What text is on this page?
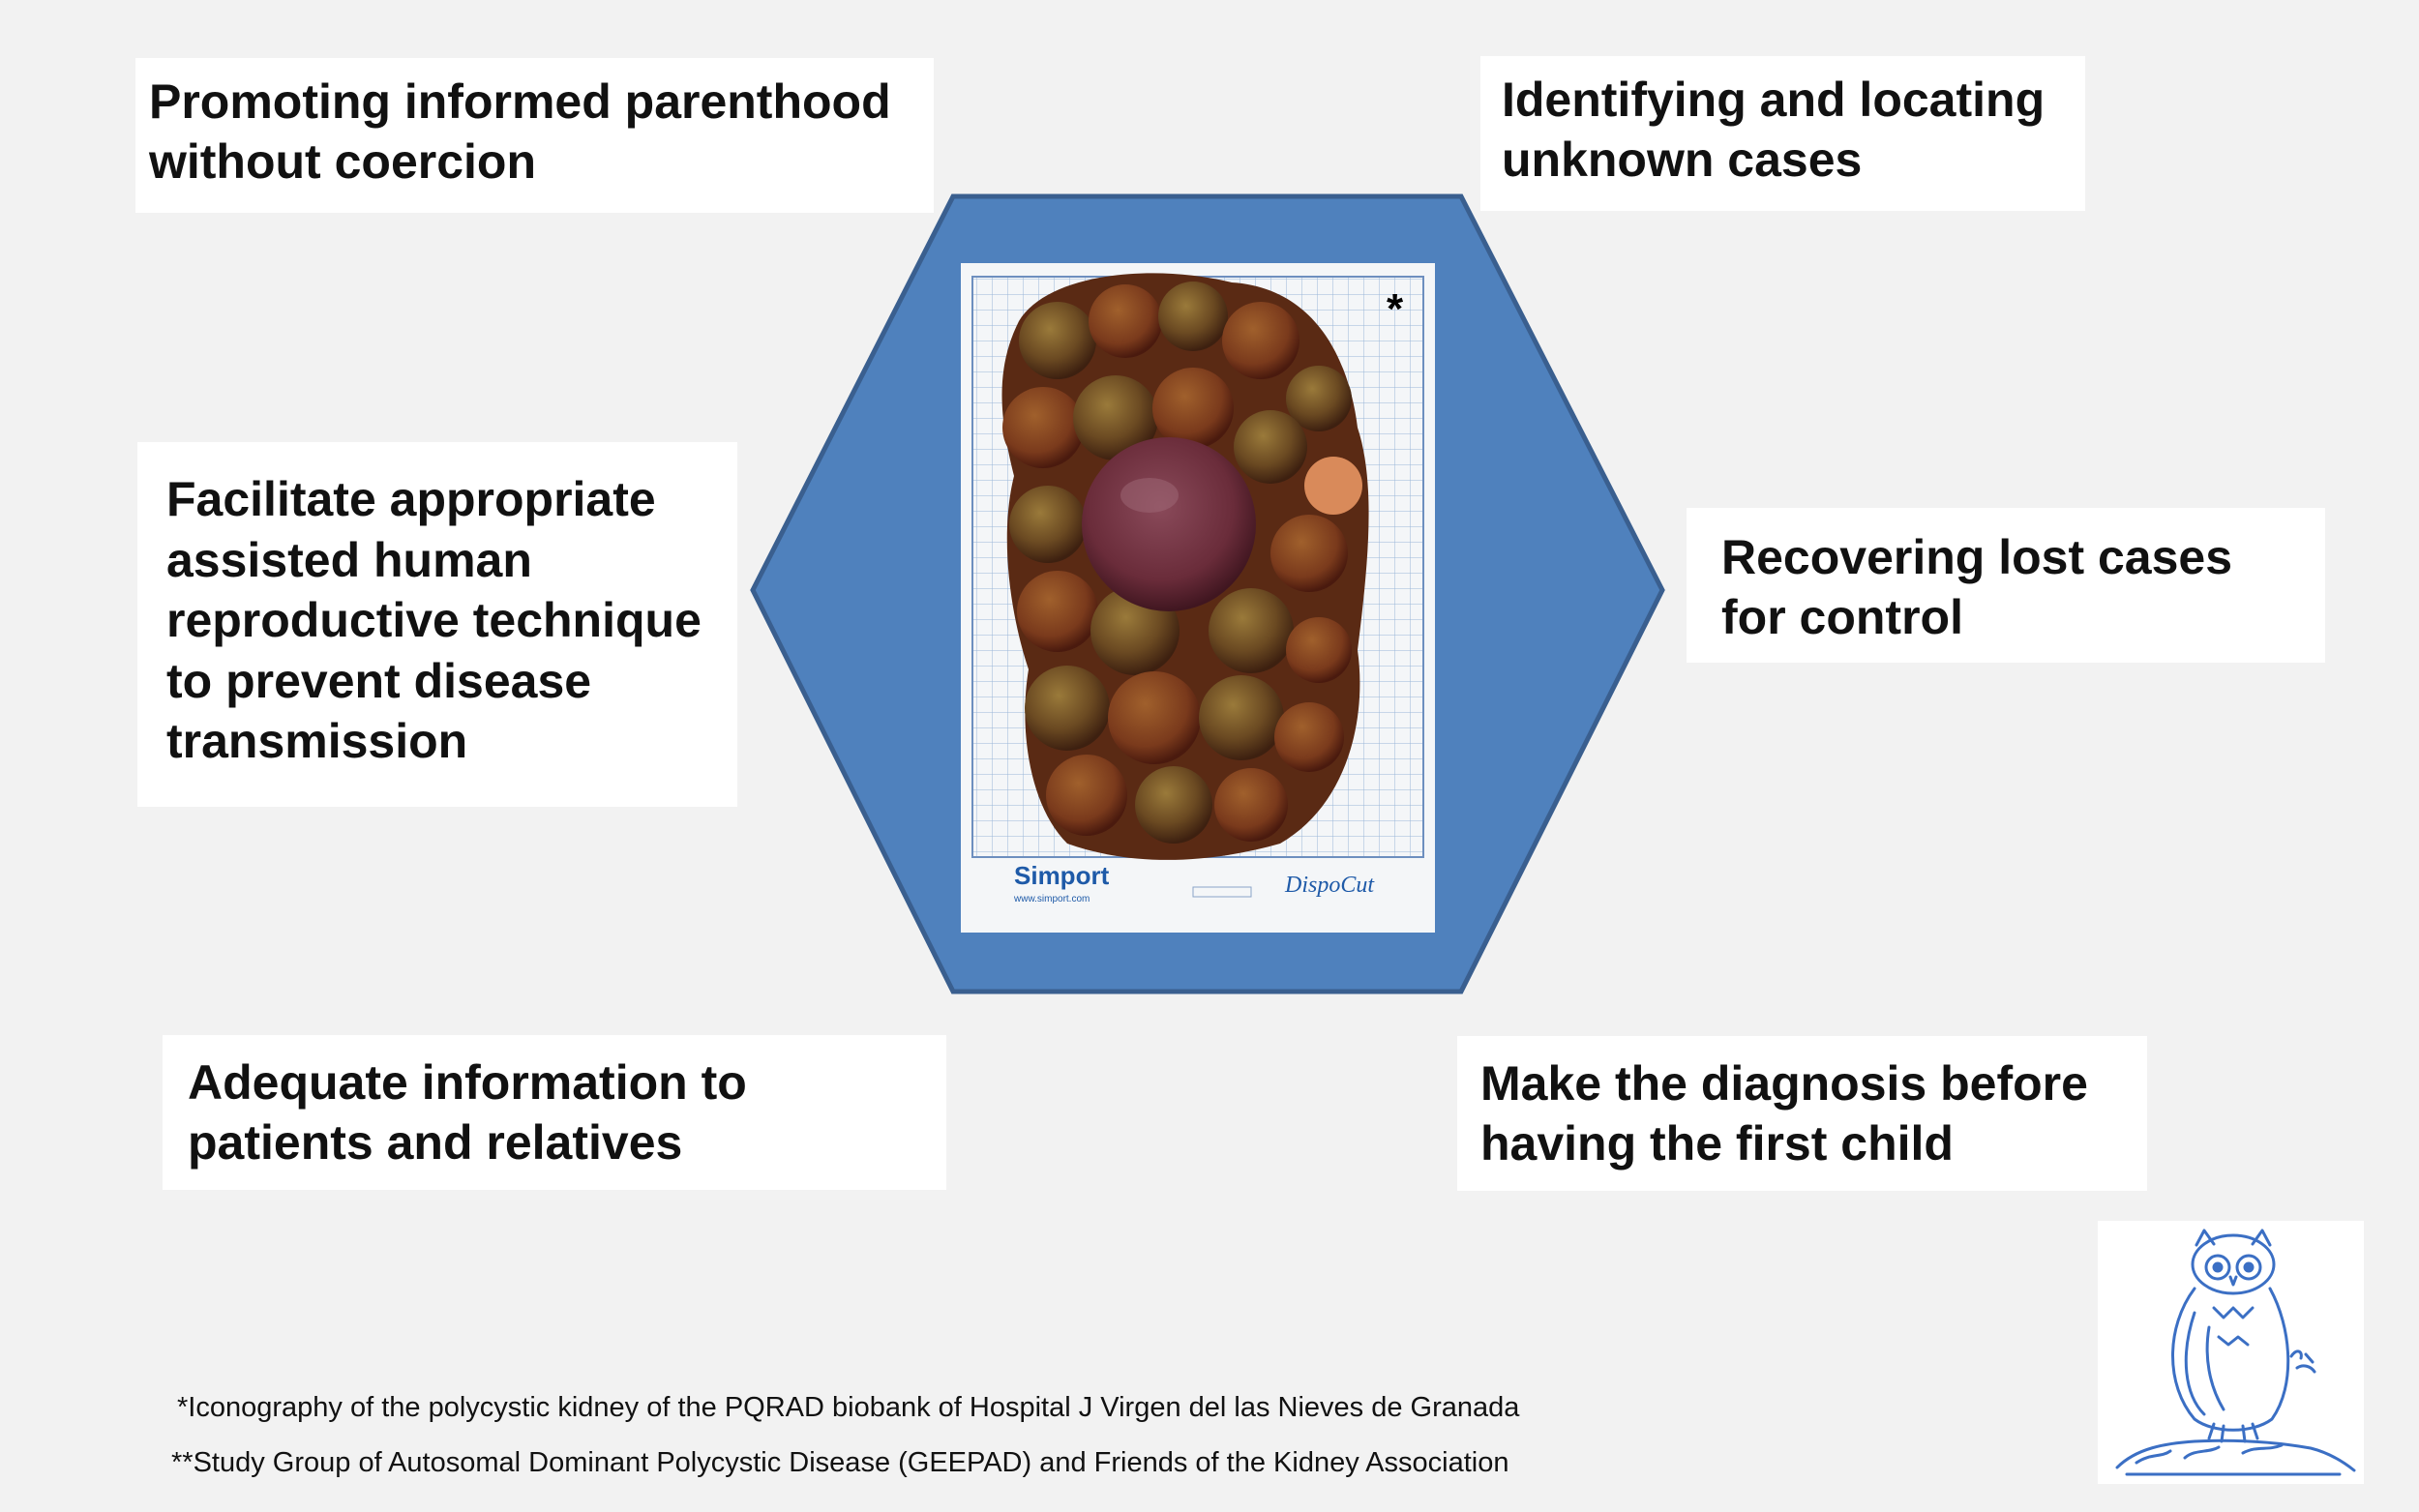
Simport
www.simport.com
DispoCut
*
Promoting informed parenthood
without coercion
Identifying and locating
unknown cases
Facilitate appropriate
assisted human
reproductive technique
to prevent disease
transmission
Recovering lost cases
for control
Adequate information to
patients and relatives
Make the diagnosis before
having the first child
*Iconography of the polycystic kidney of the PQRAD biobank of Hospital J Virgen del las Nieves de Granada
**Study Group of Autosomal Dominant Polycystic Disease (GEEPAD) and Friends of the Kidney Association
